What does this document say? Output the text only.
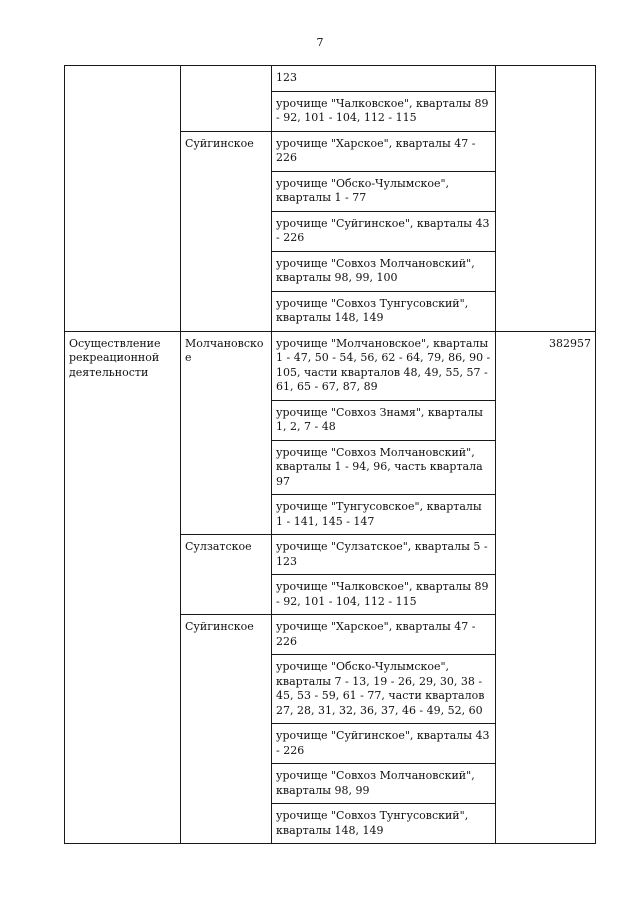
7
		123	
		урочище "Чалковское", кварталы 89 - 92, 101 - 104, 112 - 115	
	Суйгинское	урочище "Харское", кварталы 47 - 226	
		урочище "Обско-Чулымское", кварталы 1 - 77	
		урочище "Суйгинское", кварталы 43 - 226	
		урочище "Совхоз Молчановский", кварталы 98, 99, 100	
		урочище "Совхоз Тунгусовский", кварталы 148, 149	
Осуществление рекреационной деятельности	Молчановское	урочище "Молчановское", кварталы 1 - 47, 50 - 54, 56, 62 - 64, 79, 86, 90 - 105, части кварталов 48, 49, 55, 57 - 61, 65 - 67, 87, 89	382957
		урочище "Совхоз Знамя", кварталы 1, 2, 7 - 48	
		урочище "Совхоз Молчановский", кварталы 1 - 94, 96, часть квартала 97	
		урочище "Тунгусовское", кварталы 1 - 141, 145 - 147	
	Сулзатское	урочище "Сулзатское", кварталы 5 - 123	
		урочище "Чалковское", кварталы 89 - 92, 101 - 104, 112 - 115	
	Суйгинское	урочище "Харское", кварталы 47 - 226	
		урочище "Обско-Чулымское", кварталы 7 - 13, 19 - 26, 29, 30, 38 - 45, 53 - 59, 61 - 77, части кварталов 27, 28, 31, 32, 36, 37, 46 - 49, 52, 60	
		урочище "Суйгинское", кварталы 43 - 226	
		урочище "Совхоз Молчановский", кварталы 98, 99	
		урочище "Совхоз Тунгусовский", кварталы 148, 149	
